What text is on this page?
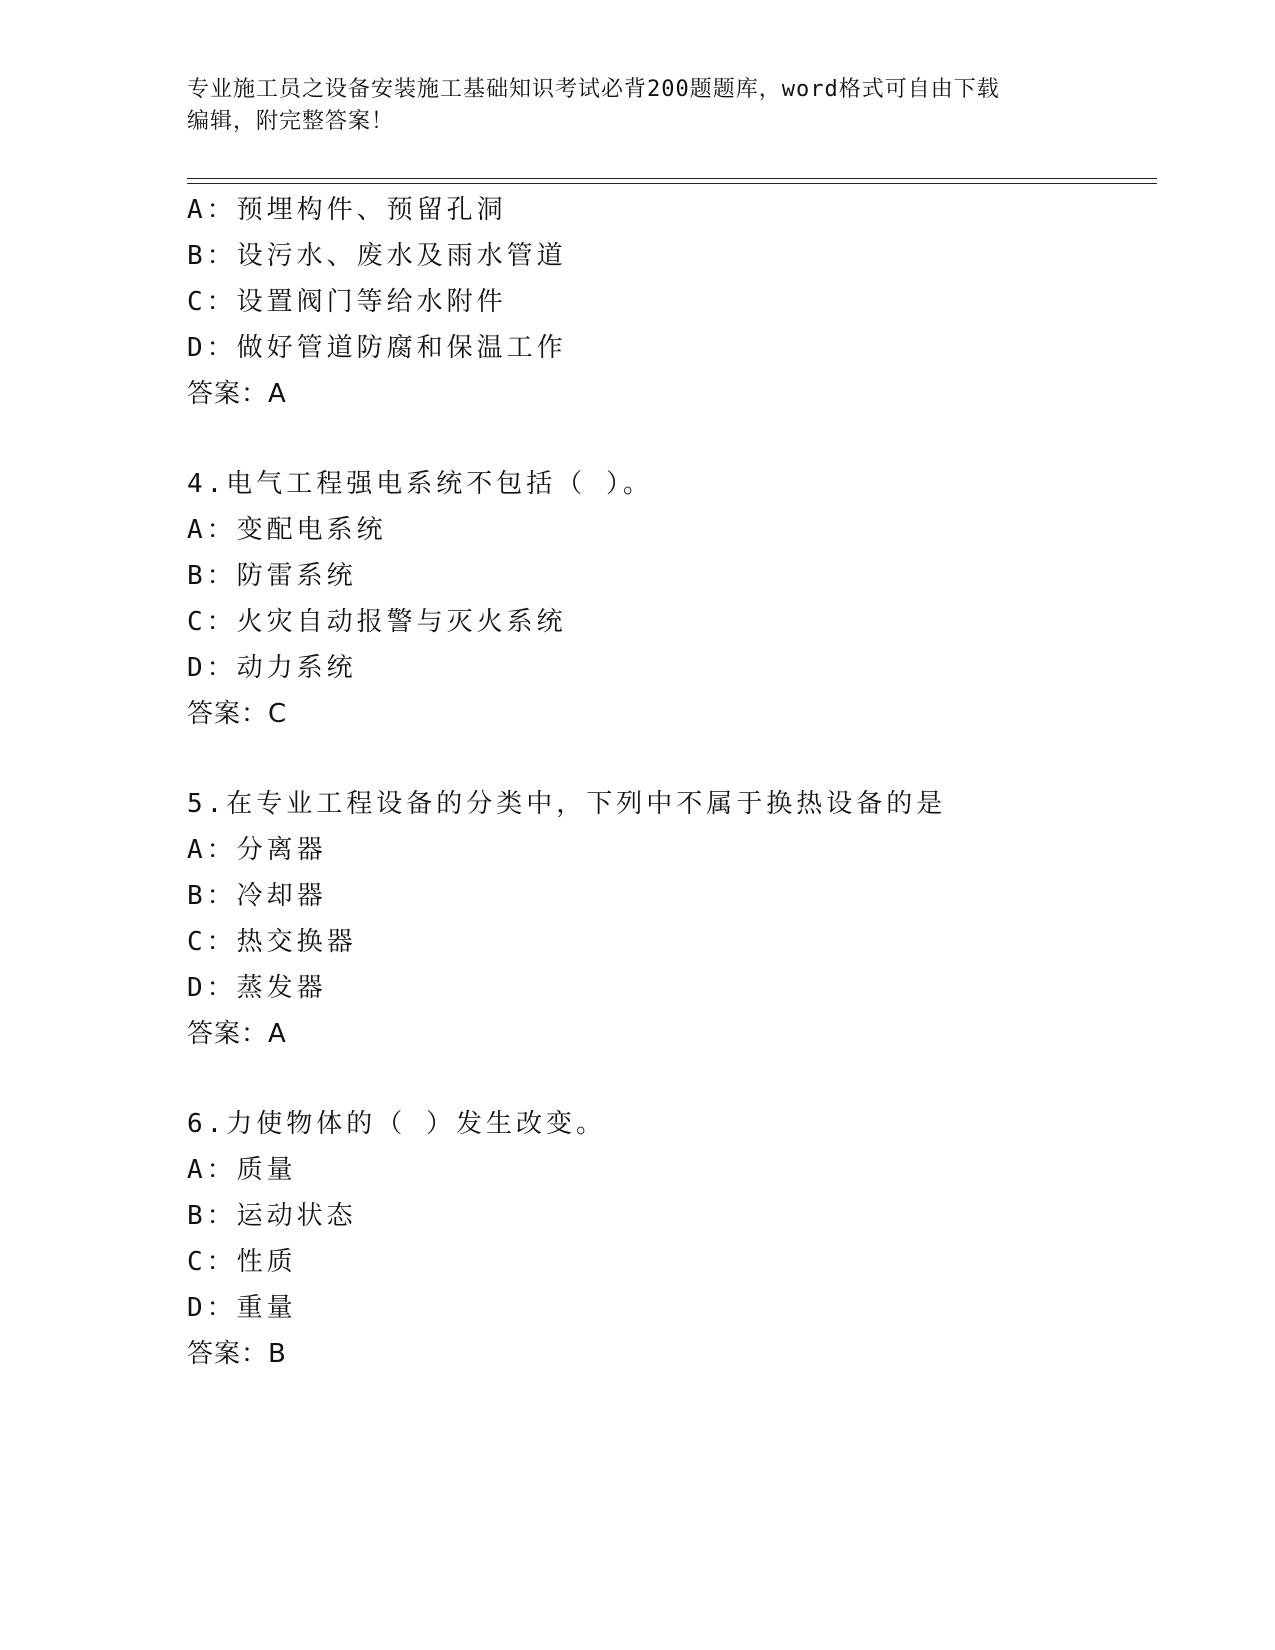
专业施工员之设备安装施工基础知识考试必背200题题库，word格式可自由下载
编辑，附完整答案！
A：预埋构件、预留孔洞
B：设污水、废水及雨水管道
C：设置阀门等给水附件
D：做好管道防腐和保温工作
答案：A
4.电气工程强电系统不包括（ ）。
A：变配电系统
B：防雷系统
C：火灾自动报警与灭火系统
D：动力系统
答案：C
5.在专业工程设备的分类中，下列中不属于换热设备的是
A：分离器
B：冷却器
C：热交换器
D：蒸发器
答案：A
6.力使物体的（ ）发生改变。
A：质量
B：运动状态
C：性质
D：重量
答案：B
